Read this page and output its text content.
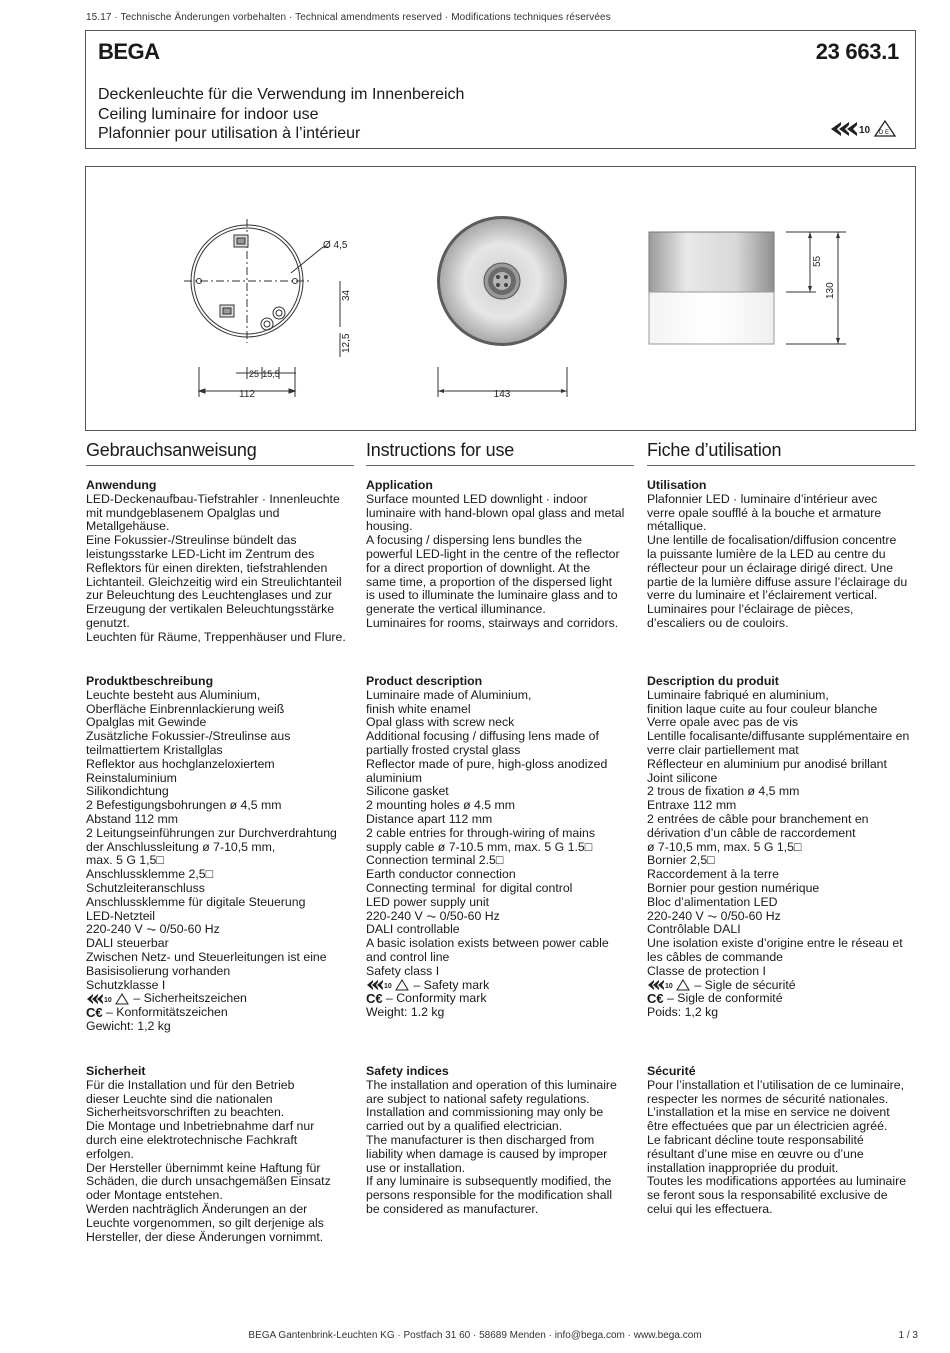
15.17 · Technische Änderungen vorbehalten · Technical amendments reserved · Modifications techniques réservées
BEGA	23 663.1
Deckenleuchte für die Verwendung im Innenbereich
Ceiling luminaire for indoor use
Plafonnier pour utilisation à l’intérieur	10 D E
Ø 4,5
112
25 15,5
34
12,5
143
55
130
Gebrauchsanweisung
Anwendung
LED-Deckenaufbau-Tiefstrahler · Innenleuchte
mit mundgeblasenem Opalglas und
Metallgehäuse.
Eine Fokussier-/Streulinse bündelt das
leistungsstarke LED-Licht im Zentrum des
Reflektors für einen direkten, tiefstrahlenden
Lichtanteil. Gleichzeitig wird ein Streulichtanteil
zur Beleuchtung des Leuchtenglases und zur
Erzeugung der vertikalen Beleuchtungsstärke
genutzt.
Leuchten für Räume, Treppenhäuser und Flure.
Produktbeschreibung
Leuchte besteht aus Aluminium,
Oberfläche Einbrennlackierung weiß
Opalglas mit Gewinde
Zusätzliche Fokussier-/Streulinse aus
teilmattiertem Kristallglas
Reflektor aus hochglanzeloxiertem
Reinstaluminium
Silikondichtung
2 Befestigungsbohrungen ø 4,5 mm
Abstand 112 mm
2 Leitungseinführungen zur Durchverdrahtung
der Anschlussleitung ø 7-10,5 mm,
max. 5 G 1,5□
Anschlussklemme 2,5□
Schutzleiteranschluss
Anschlussklemme für digitale Steuerung
LED-Netzteil
220-240 V ⏦ 0/50-60 Hz
DALI steuerbar
Zwischen Netz- und Steuerleitungen ist eine
Basisisolierung vorhanden
Schutzklasse I
10 – Sicherheitszeichen
C€ – Konformitätszeichen
Gewicht: 1,2 kg
Sicherheit
Für die Installation und für den Betrieb
dieser Leuchte sind die nationalen
Sicherheitsvorschriften zu beachten.
Die Montage und Inbetriebnahme darf nur
durch eine elektrotechnische Fachkraft
erfolgen.
Der Hersteller übernimmt keine Haftung für
Schäden, die durch unsachgemäßen Einsatz
oder Montage entstehen.
Werden nachträglich Änderungen an der
Leuchte vorgenommen, so gilt derjenige als
Hersteller, der diese Änderungen vornimmt.
Instructions for use
Application
Surface mounted LED downlight · indoor
luminaire with hand-blown opal glass and metal
housing.
A focusing / dispersing lens bundles the
powerful LED-light in the centre of the reflector
for a direct proportion of downlight. At the
same time, a proportion of the dispersed light
is used to illuminate the luminaire glass and to
generate the vertical illuminance.
Luminaires for rooms, stairways and corridors.
Product description
Luminaire made of Aluminium,
finish white enamel
Opal glass with screw neck
Additional focusing / diffusing lens made of
partially frosted crystal glass
Reflector made of pure, high-gloss anodized
aluminium
Silicone gasket
2 mounting holes ø 4.5 mm
Distance apart 112 mm
2 cable entries for through-wiring of mains
supply cable ø 7-10.5 mm, max. 5 G 1.5□
Connection terminal 2.5□
Earth conductor connection
Connecting terminal  for digital control
LED power supply unit
220-240 V ⏦ 0/50-60 Hz
DALI controllable
A basic isolation exists between power cable
and control line
Safety class I
10 – Safety mark
C€ – Conformity mark
Weight: 1.2 kg
Safety indices
The installation and operation of this luminaire
are subject to national safety regulations.
Installation and commissioning may only be
carried out by a qualified electrician.
The manufacturer is then discharged from
liability when damage is caused by improper
use or installation.
If any luminaire is subsequently modified, the
persons responsible for the modification shall
be considered as manufacturer.
Fiche d’utilisation
Utilisation
Plafonnier LED · luminaire d’intérieur avec
verre opale soufflé à la bouche et armature
métallique.
Une lentille de focalisation/diffusion concentre
la puissante lumière de la LED au centre du
réflecteur pour un éclairage dirigé direct. Une
partie de la lumière diffuse assure l’éclairage du
verre du luminaire et l’éclairement vertical.
Luminaires pour l’éclairage de pièces,
d’escaliers ou de couloirs.
Description du produit
Luminaire fabriqué en aluminium,
finition laque cuite au four couleur blanche
Verre opale avec pas de vis
Lentille focalisante/diffusante supplémentaire en
verre clair partiellement mat
Réflecteur en aluminium pur anodisé brillant
Joint silicone
2 trous de fixation ø 4,5 mm
Entraxe 112 mm
2 entrées de câble pour branchement en
dérivation d’un câble de raccordement
ø 7-10,5 mm, max. 5 G 1,5□
Bornier 2,5□
Raccordement à la terre
Bornier pour gestion numérique
Bloc d’alimentation LED
220-240 V ⏦ 0/50-60 Hz
Contrôlable DALI
Une isolation existe d’origine entre le réseau et
les câbles de commande
Classe de protection I
10 – Sigle de sécurité
C€ – Sigle de conformité
Poids: 1,2 kg
Sécurité
Pour l’installation et l’utilisation de ce luminaire,
respecter les normes de sécurité nationales.
L’installation et la mise en service ne doivent
être effectuées que par un électricien agréé.
Le fabricant décline toute responsabilité
résultant d’une mise en œuvre ou d’une
installation inappropriée du produit.
Toutes les modifications apportées au luminaire
se feront sous la responsabilité exclusive de
celui qui les effectuera.
BEGA Gantenbrink-Leuchten KG · Postfach 31 60 · 58689 Menden · info@bega.com · www.bega.com	1 / 3
